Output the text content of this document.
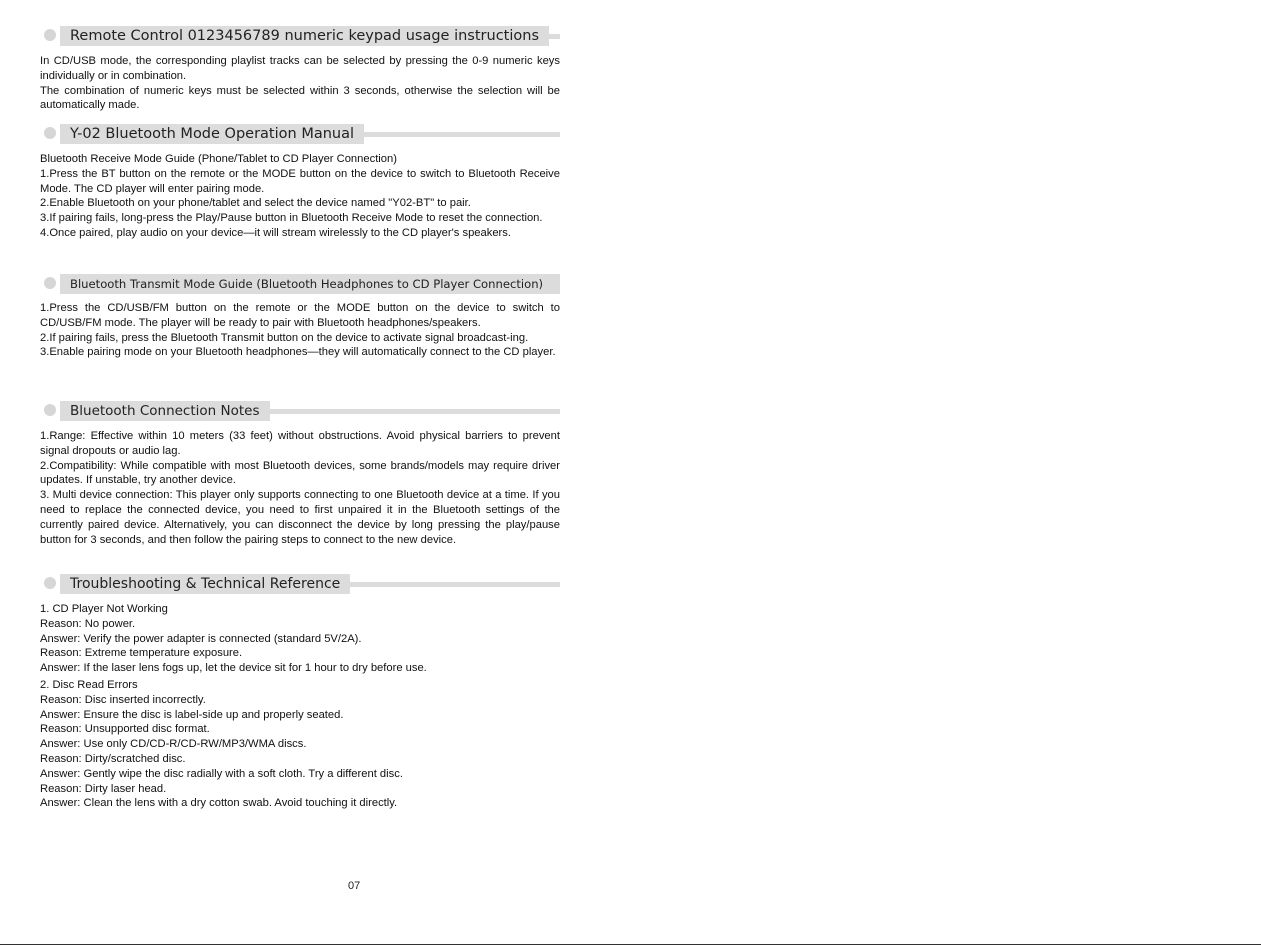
Remote Control 0123456789 numeric keypad usage instructions

In CD/USB mode, the corresponding playlist tracks can be selected by pressing the 0-9 numeric keys individually or in combination.

The combination of numeric keys must be selected within 3 seconds, otherwise the selection will be automatically made.

Y-02 Bluetooth Mode Operation Manual

Bluetooth Receive Mode Guide (Phone/Tablet to CD Player Connection)

1.Press the BT button on the remote or the MODE button on the device to switch to Bluetooth Receive Mode. The CD player will enter pairing mode.

2.Enable Bluetooth on your phone/tablet and select the device named "Y02-BT" to pair.

3.If pairing fails, long-press the Play/Pause button in Bluetooth Receive Mode to reset the connection.

4.Once paired, play audio on your device—it will stream wirelessly to the CD player's speakers.

Bluetooth Transmit Mode Guide (Bluetooth Headphones to CD Player Connection)

1.Press the CD/USB/FM button on the remote or the MODE button on the device to switch to CD/USB/FM mode. The player will be ready to pair with Bluetooth headphones/speakers.

2.If pairing fails, press the Bluetooth Transmit button on the device to activate signal broadcast-ing.

3.Enable pairing mode on your Bluetooth headphones—they will automatically connect to the CD player.

Bluetooth Connection Notes

1.Range: Effective within 10 meters (33 feet) without obstructions. Avoid physical barriers to prevent signal dropouts or audio lag.

2.Compatibility: While compatible with most Bluetooth devices, some brands/models may require driver updates. If unstable, try another device.

3. Multi device connection: This player only supports connecting to one Bluetooth device at a time. If you need to replace the connected device, you need to first unpaired it in the Bluetooth settings of the currently paired device. Alternatively, you can disconnect the device by long pressing the play/pause button for 3 seconds, and then follow the pairing steps to connect to the new device.

Troubleshooting & Technical Reference

1. CD Player Not Working

Reason: No power.

Answer: Verify the power adapter is connected (standard 5V/2A).

Reason: Extreme temperature exposure.

Answer: If the laser lens fogs up, let the device sit for 1 hour to dry before use.

2. Disc Read Errors

Reason: Disc inserted incorrectly.

Answer: Ensure the disc is label-side up and properly seated.

Reason: Unsupported disc format.

Answer: Use only CD/CD-R/CD-RW/MP3/WMA discs.

Reason: Dirty/scratched disc.

Answer: Gently wipe the disc radially with a soft cloth. Try a different disc.

Reason: Dirty laser head.

Answer: Clean the lens with a dry cotton swab. Avoid touching it directly.

07
